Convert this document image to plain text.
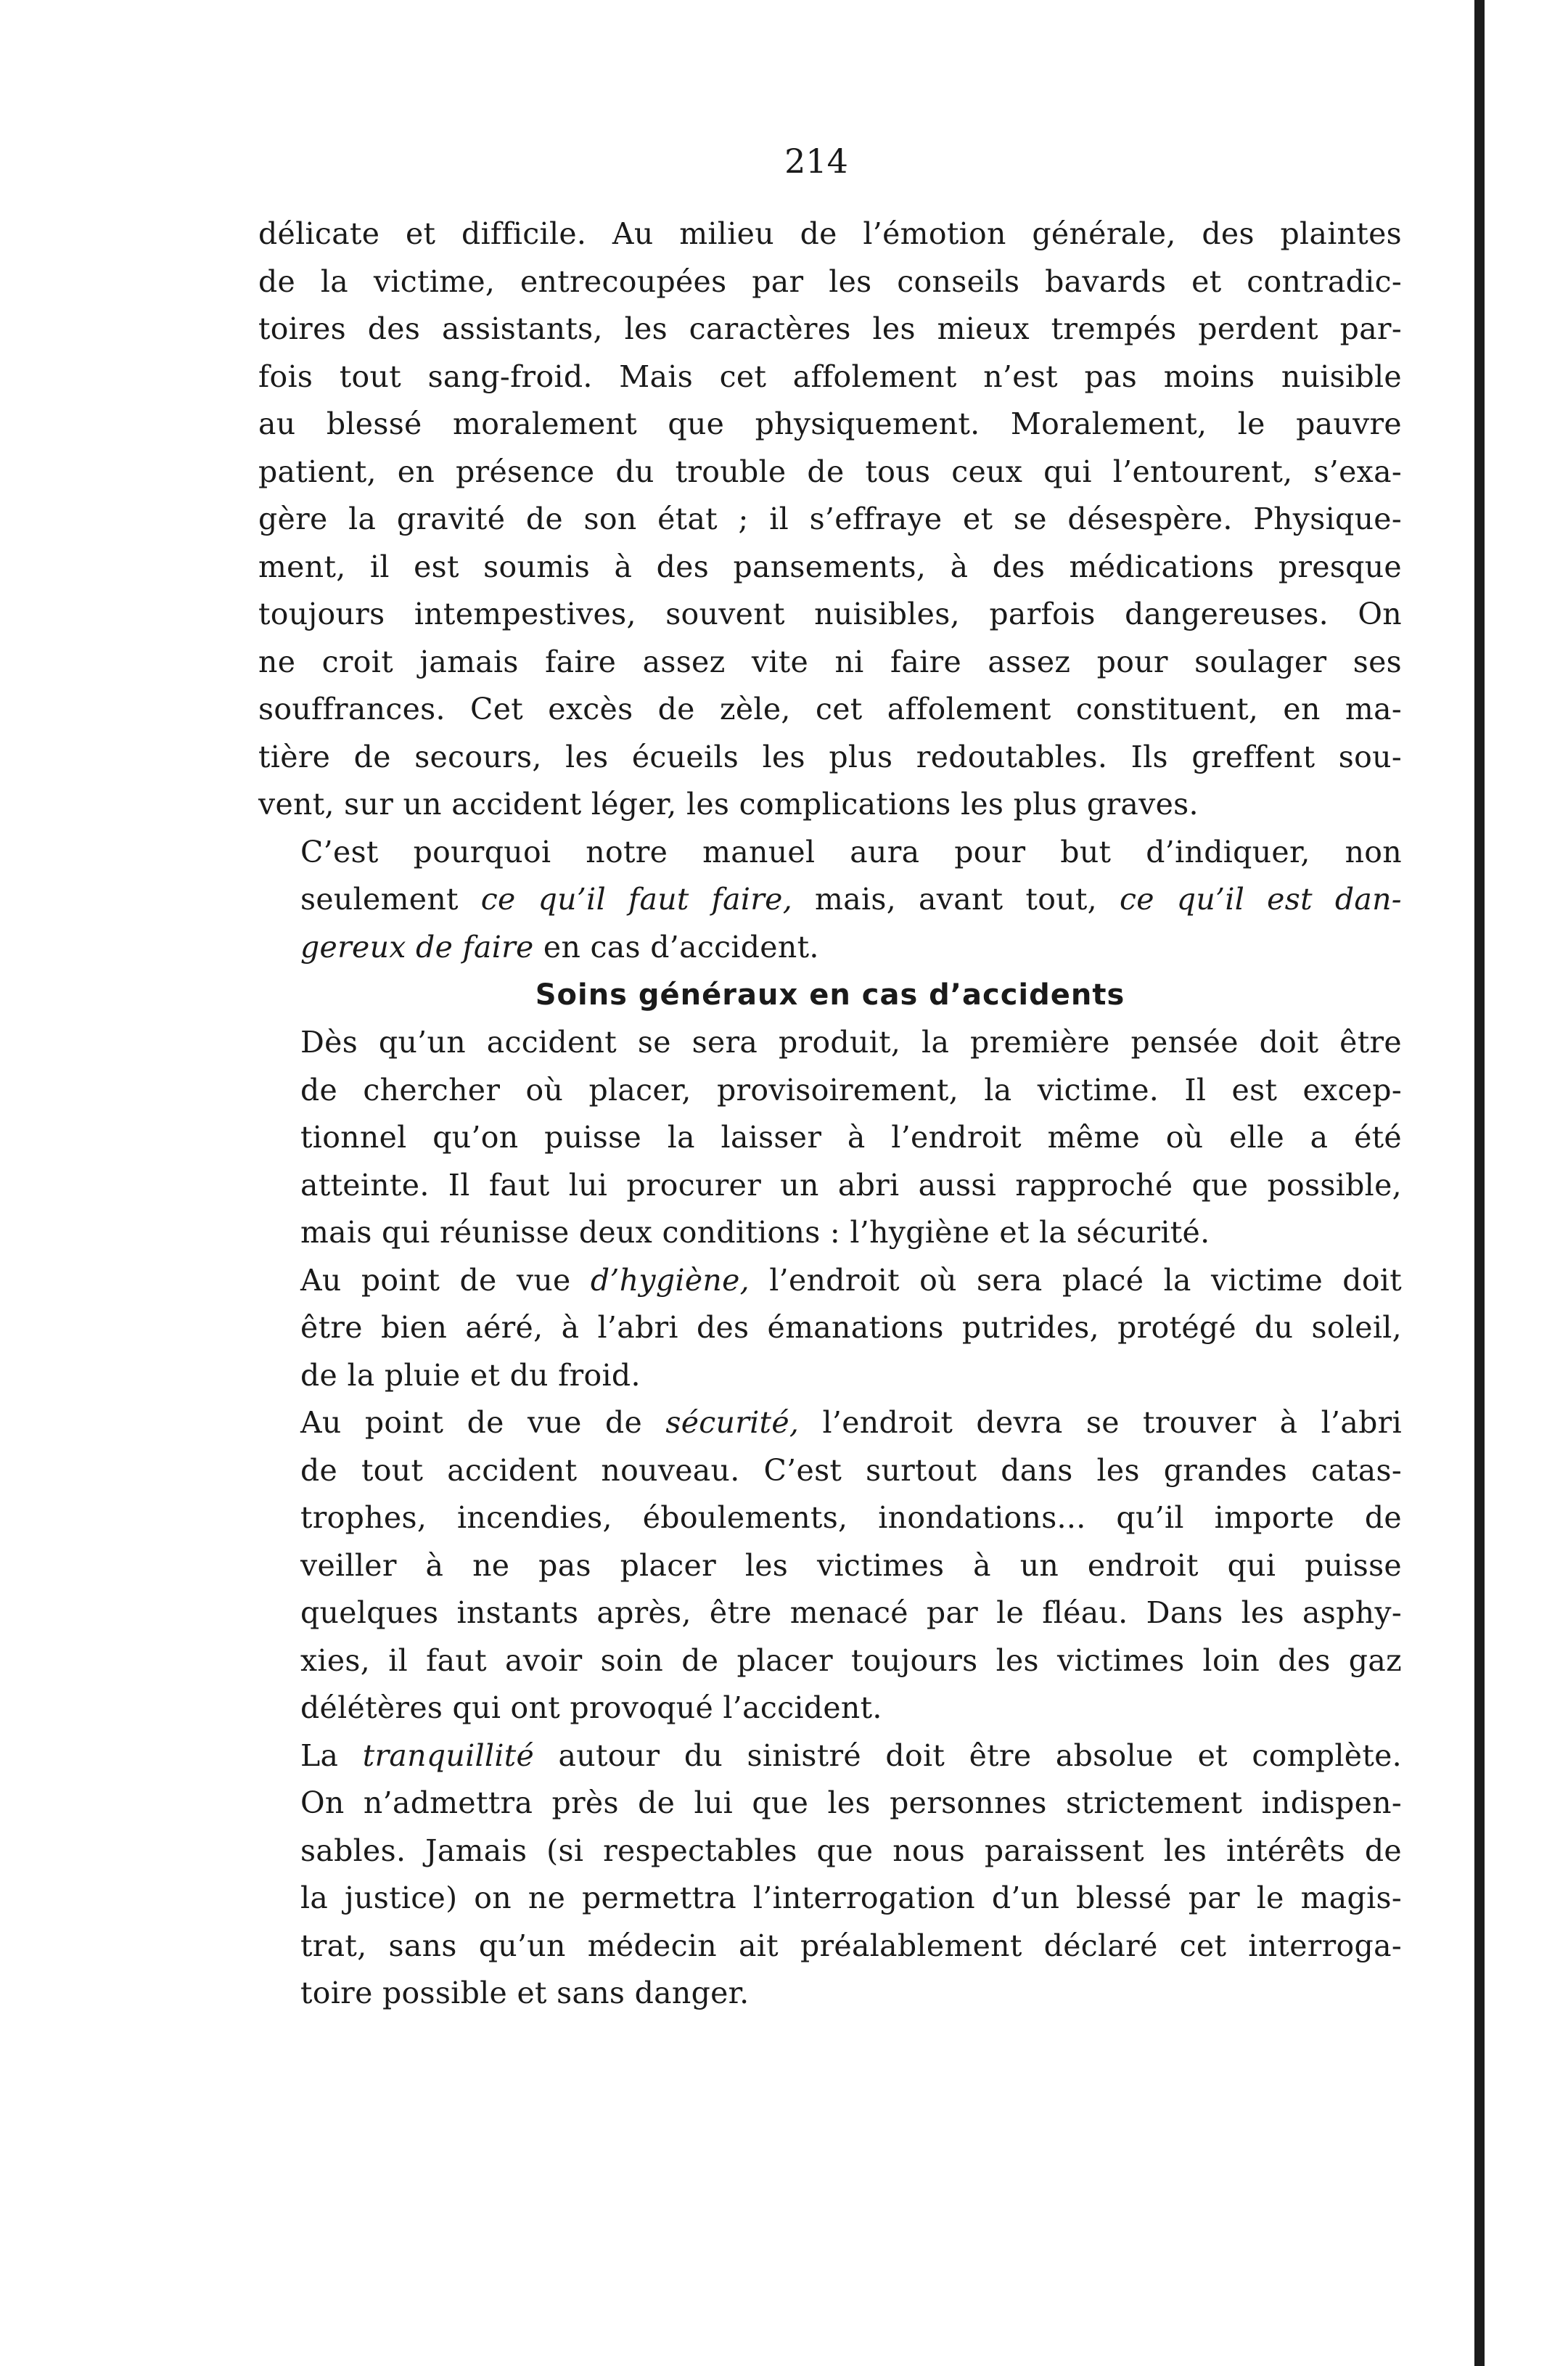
214

délicate et difficile. Au milieu de l’émotion générale, des plaintes
de la victime, entrecoupées par les conseils bavards et contradic-
toires des assistants, les caractères les mieux trempés perdent par-
fois tout sang-froid. Mais cet affolement n’est pas moins nuisible
au blessé moralement que physiquement. Moralement, le pauvre
patient, en présence du trouble de tous ceux qui l’entourent, s’exa-
gère la gravité de son état ; il s’effraye et se désespère. Physique-
ment, il est soumis à des pansements, à des médications presque
toujours intempestives, souvent nuisibles, parfois dangereuses. On
ne croit jamais faire assez vite ni faire assez pour soulager ses
souffrances. Cet excès de zèle, cet affolement constituent, en ma-
tière de secours, les écueils les plus redoutables. Ils greffent sou-
vent, sur un accident léger, les complications les plus graves.

C’est pourquoi notre manuel aura pour but d’indiquer, non
seulement ce qu’il faut faire, mais, avant tout, ce qu’il est dan-
gereux de faire en cas d’accident.

Soins généraux en cas d’accidents

Dès qu’un accident se sera produit, la première pensée doit être
de chercher où placer, provisoirement, la victime. Il est excep-
tionnel qu’on puisse la laisser à l’endroit même où elle a été
atteinte. Il faut lui procurer un abri aussi rapproché que possible,
mais qui réunisse deux conditions : l’hygiène et la sécurité.

Au point de vue d’hygiène, l’endroit où sera placé la victime doit
être bien aéré, à l’abri des émanations putrides, protégé du soleil,
de la pluie et du froid.

Au point de vue de sécurité, l’endroit devra se trouver à l’abri
de tout accident nouveau. C’est surtout dans les grandes catas-
trophes, incendies, éboulements, inondations... qu’il importe de
veiller à ne pas placer les victimes à un endroit qui puisse
quelques instants après, être menacé par le fléau. Dans les asphy-
xies, il faut avoir soin de placer toujours les victimes loin des gaz
délétères qui ont provoqué l’accident.

La tranquillité autour du sinistré doit être absolue et complète.
On n’admettra près de lui que les personnes strictement indispen-
sables. Jamais (si respectables que nous paraissent les intérêts de
la justice) on ne permettra l’interrogation d’un blessé par le magis-
trat, sans qu’un médecin ait préalablement déclaré cet interroga-
toire possible et sans danger.
